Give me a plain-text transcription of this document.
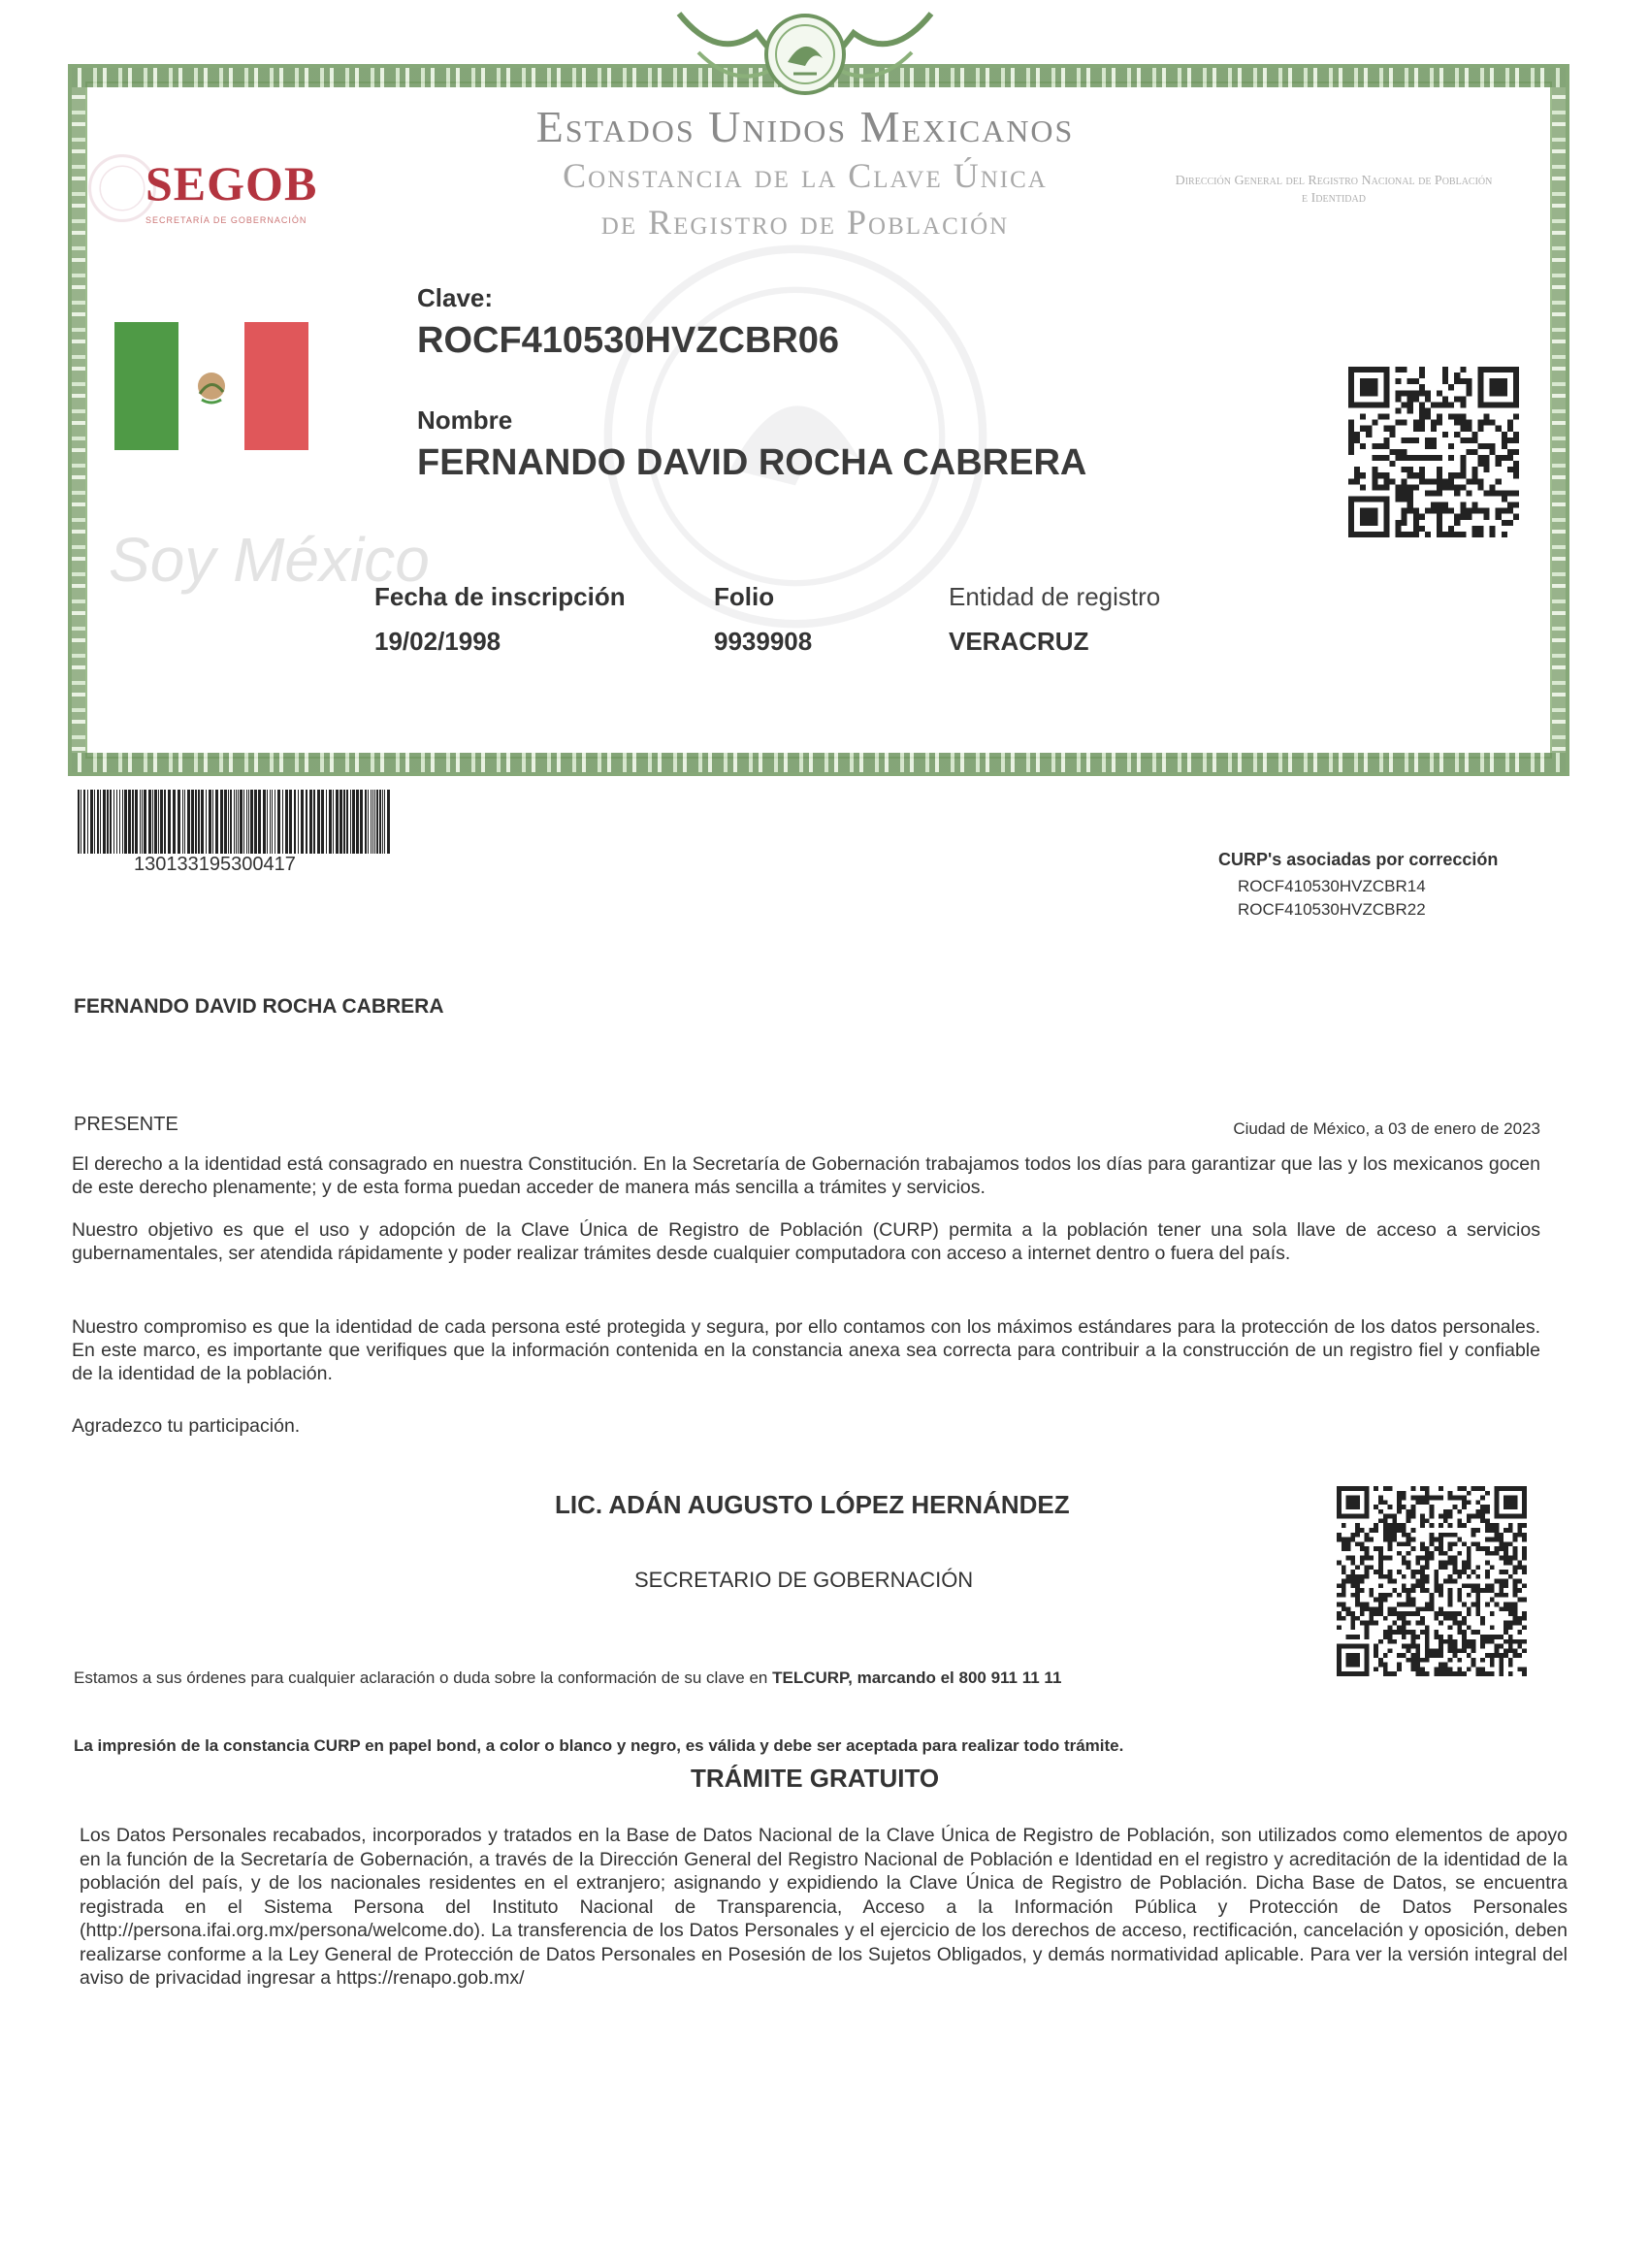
SEGOB
SECRETARÍA DE GOBERNACIÓN
Estados Unidos Mexicanos
Constancia de la Clave Única
de Registro de Población
Dirección General del Registro Nacional de Población e Identidad
Soy México
Clave:
ROCF410530HVZCBR06
Nombre
FERNANDO DAVID ROCHA CABRERA
Fecha de inscripción
19/02/1998
Folio
9939908
Entidad de registro
VERACRUZ
130133195300417	CURP's asociadas por corrección
ROCF410530HVZCBR14
ROCF410530HVZCBR22
FERNANDO DAVID ROCHA CABRERA
PRESENTE	Ciudad de México, a 03 de enero de 2023
El derecho a la identidad está consagrado en nuestra Constitución. En la Secretaría de Gobernación trabajamos todos los días para garantizar que las y los mexicanos gocen de este derecho plenamente; y de esta forma puedan acceder de manera más sencilla a trámites y servicios.
Nuestro objetivo es que el uso y adopción de la Clave Única de Registro de Población (CURP) permita a la población tener una sola llave de acceso a servicios gubernamentales, ser atendida rápidamente y poder realizar trámites desde cualquier computadora con acceso a internet dentro o fuera del país.
Nuestro compromiso es que la identidad de cada persona esté protegida y segura, por ello contamos con los máximos estándares para la protección de los datos personales. En este marco, es importante que verifiques que la información contenida en la constancia anexa sea correcta para contribuir a la construcción de un registro fiel y confiable de la identidad de la población.
Agradezco tu participación.
LIC. ADÁN AUGUSTO LÓPEZ HERNÁNDEZ
SECRETARIO DE GOBERNACIÓN
Estamos a sus órdenes para cualquier aclaración o duda sobre la conformación de su clave en TELCURP, marcando el 800 911 11 11
La impresión de la constancia CURP en papel bond, a color o blanco y negro, es válida y debe ser aceptada para realizar todo trámite.
TRÁMITE GRATUITO
Los Datos Personales recabados, incorporados y tratados en la Base de Datos Nacional de la Clave Única de Registro de Población, son utilizados como elementos de apoyo en la función de la Secretaría de Gobernación, a través de la Dirección General del Registro Nacional de Población e Identidad en el registro y acreditación de la identidad de la población del país, y de los nacionales residentes en el extranjero; asignando y expidiendo la Clave Única de Registro de Población. Dicha Base de Datos, se encuentra registrada en el Sistema Persona del Instituto Nacional de Transparencia, Acceso a la Información Pública y Protección de Datos Personales (http://persona.ifai.org.mx/persona/welcome.do). La transferencia de los Datos Personales y el ejercicio de los derechos de acceso, rectificación, cancelación y oposición, deben realizarse conforme a la Ley General de Protección de Datos Personales en Posesión de los Sujetos Obligados, y demás normatividad aplicable. Para ver la versión integral del aviso de privacidad ingresar a https://renapo.gob.mx/
